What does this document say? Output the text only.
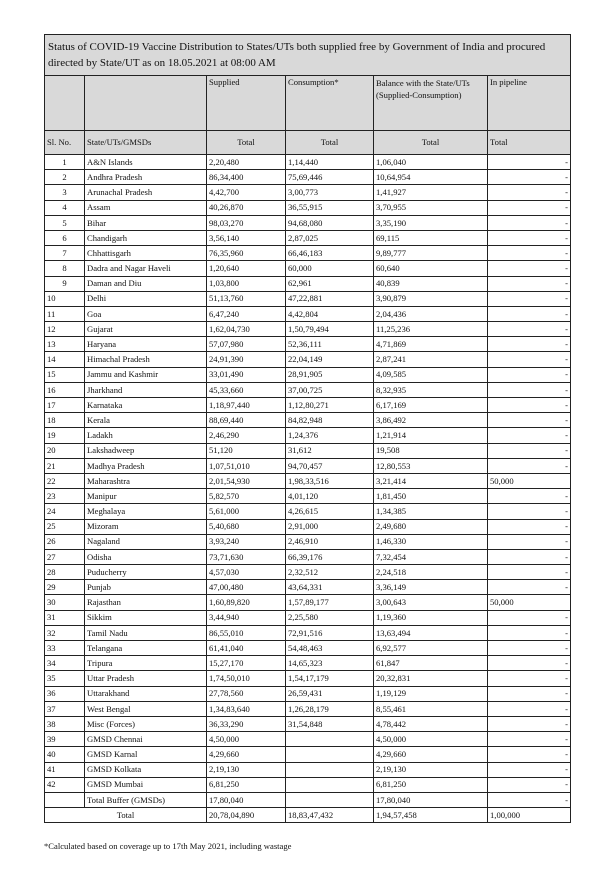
Status of COVID-19 Vaccine Distribution to States/UTs both supplied free by Government of India and procured directed by State/UT as on 18.05.2021 at 08:00 AM					
		Supplied	Consumption*	Balance with the State/UTs (Supplied-Consumption)	In pipeline
Sl. No.	State/UTs/GMSDs	Total	Total	Total	Total
1	A&N Islands	2,20,480	1,14,440	1,06,040	-
2	Andhra Pradesh	86,34,400	75,69,446	10,64,954	-
3	Arunachal Pradesh	4,42,700	3,00,773	1,41,927	-
4	Assam	40,26,870	36,55,915	3,70,955	-
5	Bihar	98,03,270	94,68,080	3,35,190	-
6	Chandigarh	3,56,140	2,87,025	69,115	-
7	Chhattisgarh	76,35,960	66,46,183	9,89,777	-
8	Dadra and Nagar Haveli	1,20,640	60,000	60,640	-
9	Daman and Diu	1,03,800	62,961	40,839	-
10	Delhi	51,13,760	47,22,881	3,90,879	-
11	Goa	6,47,240	4,42,804	2,04,436	-
12	Gujarat	1,62,04,730	1,50,79,494	11,25,236	-
13	Haryana	57,07,980	52,36,111	4,71,869	-
14	Himachal Pradesh	24,91,390	22,04,149	2,87,241	-
15	Jammu and Kashmir	33,01,490	28,91,905	4,09,585	-
16	Jharkhand	45,33,660	37,00,725	8,32,935	-
17	Karnataka	1,18,97,440	1,12,80,271	6,17,169	-
18	Kerala	88,69,440	84,82,948	3,86,492	-
19	Ladakh	2,46,290	1,24,376	1,21,914	-
20	Lakshadweep	51,120	31,612	19,508	-
21	Madhya Pradesh	1,07,51,010	94,70,457	12,80,553	-
22	Maharashtra	2,01,54,930	1,98,33,516	3,21,414	50,000
23	Manipur	5,82,570	4,01,120	1,81,450	-
24	Meghalaya	5,61,000	4,26,615	1,34,385	-
25	Mizoram	5,40,680	2,91,000	2,49,680	-
26	Nagaland	3,93,240	2,46,910	1,46,330	-
27	Odisha	73,71,630	66,39,176	7,32,454	-
28	Puducherry	4,57,030	2,32,512	2,24,518	-
29	Punjab	47,00,480	43,64,331	3,36,149	-
30	Rajasthan	1,60,89,820	1,57,89,177	3,00,643	50,000
31	Sikkim	3,44,940	2,25,580	1,19,360	-
32	Tamil Nadu	86,55,010	72,91,516	13,63,494	-
33	Telangana	61,41,040	54,48,463	6,92,577	-
34	Tripura	15,27,170	14,65,323	61,847	-
35	Uttar Pradesh	1,74,50,010	1,54,17,179	20,32,831	-
36	Uttarakhand	27,78,560	26,59,431	1,19,129	-
37	West Bengal	1,34,83,640	1,26,28,179	8,55,461	-
38	Misc (Forces)	36,33,290	31,54,848	4,78,442	-
39	GMSD Chennai	4,50,000		4,50,000	-
40	GMSD Karnal	4,29,660		4,29,660	-
41	GMSD Kolkata	2,19,130		2,19,130	-
42	GMSD Mumbai	6,81,250		6,81,250	-
	Total Buffer (GMSDs)	17,80,040		17,80,040	-
Total		20,78,04,890	18,83,47,432	1,94,57,458	1,00,000
*Calculated based on coverage up to 17th May 2021, including wastage
